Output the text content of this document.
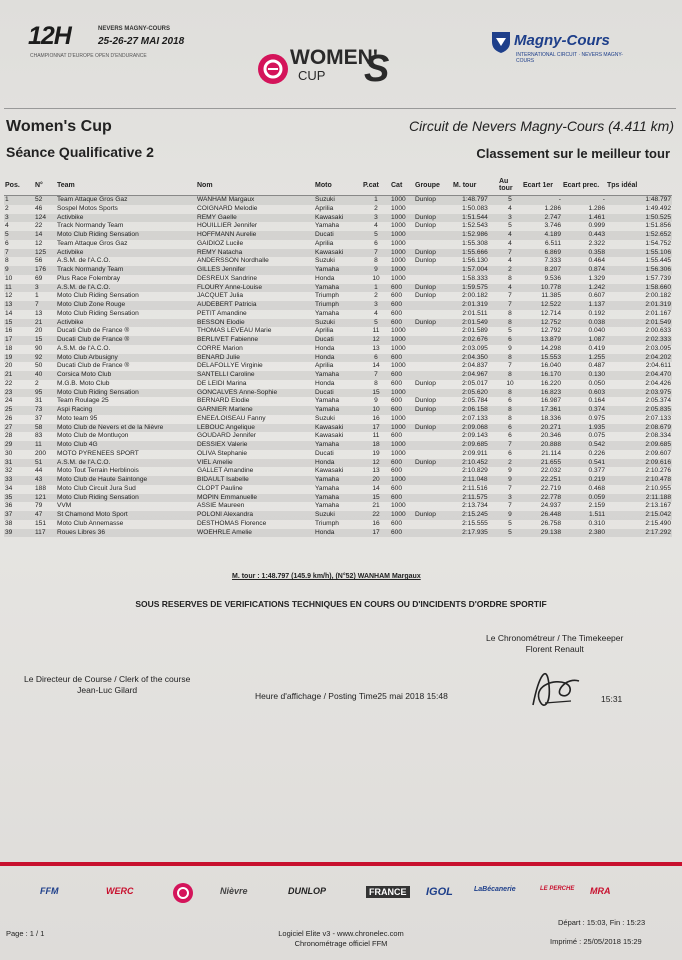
12H	NEVERS MAGNY-COURS
25-26-27 MAI 2018
CHAMPIONNAT D'EUROPE OPEN D'ENDURANCE	WOMEN'
CUP S
Magny-Cours
INTERNATIONAL CIRCUIT · NEVERS MAGNY-COURS
Women's Cup
Séance Qualificative 2
Circuit de Nevers Magny-Cours (4.411 km)
Classement sur le meilleur tour
Pos.	N°	Team	Nom	Moto	P.cat	Cat	Groupe	M. tour	Au tour	Ecart 1er	Ecart prec.	Tps idéal
1	52	Team Attaque Gros Gaz	WANHAM Margaux	Suzuki	1	1000	Dunlop	1:48.797	5	-	-	1:48.797
2	46	Sospel Motos Sports	COIGNARD Melodie	Aprilia	2	1000		1:50.083	4	1.286	1.286	1:49.492
3	124	Activbike	REMY Gaelle	Kawasaki	3	1000	Dunlop	1:51.544	3	2.747	1.461	1:50.525
4	22	Track Normandy Team	HOUILLIER Jennifer	Yamaha	4	1000	Dunlop	1:52.543	5	3.746	0.999	1:51.856
5	14	Moto Club Riding Sensation	HOFFMANN Aurelie	Ducati	5	1000		1:52.986	4	4.189	0.443	1:52.652
6	12	Team Attaque Gros Gaz	GAIDIOZ Lucile	Aprilia	6	1000		1:55.308	4	6.511	2.322	1:54.752
7	125	Activbike	REMY Natacha	Kawasaki	7	1000	Dunlop	1:55.666	7	6.869	0.358	1:55.106
8	56	A.S.M. de l'A.C.O.	ANDERSSON Nordhalle	Suzuki	8	1000	Dunlop	1:56.130	4	7.333	0.464	1:55.445
9	176	Track Normandy Team	GILLES Jennifer	Yamaha	9	1000		1:57.004	2	8.207	0.874	1:56.306
10	69	Plus Race Folembray	DESREUX Sandrine	Honda	10	1000		1:58.333	8	9.536	1.329	1:57.739
11	3	A.S.M. de l'A.C.O.	FLOURY Anne-Louise	Yamaha	1	600	Dunlop	1:59.575	4	10.778	1.242	1:58.660
12	1	Moto Club Riding Sensation	JACQUET Julia	Triumph	2	600	Dunlop	2:00.182	7	11.385	0.607	2:00.182
13	7	Moto Club Zone Rouge	AUDEBERT Patricia	Triumph	3	600		2:01.319	7	12.522	1.137	2:01.319
14	13	Moto Club Riding Sensation	PETIT Amandine	Yamaha	4	600		2:01.511	8	12.714	0.192	2:01.167
15	21	Activbike	BESSON Elodie	Suzuki	5	600	Dunlop	2:01.549	8	12.752	0.038	2:01.549
16	20	Ducati Club de France ®	THOMAS LEVEAU Marie	Aprilia	11	1000		2:01.589	5	12.792	0.040	2:00.633
17	15	Ducati Club de France ®	BERLIVET Fabienne	Ducati	12	1000		2:02.676	6	13.879	1.087	2:02.333
18	90	A.S.M. de l'A.C.O.	CORRE Marion	Honda	13	1000		2:03.095	9	14.298	0.419	2:03.095
19	92	Moto Club Arbusigny	BENARD Julie	Honda	6	600		2:04.350	8	15.553	1.255	2:04.202
20	50	Ducati Club de France ®	DELAFOLLYE Virginie	Aprilia	14	1000		2:04.837	7	16.040	0.487	2:04.611
21	40	Corsica Moto Club	SANTELLI Caroline	Yamaha	7	600		2:04.967	8	16.170	0.130	2:04.470
22	2	M.G.B. Moto Club	DE LEIDI Marina	Honda	8	600	Dunlop	2:05.017	10	16.220	0.050	2:04.426
23	95	Moto Club Riding Sensation	GONCALVES Anne-Sophie	Ducati	15	1000		2:05.620	8	16.823	0.603	2:03.975
24	31	Team Roulage 25	BERNARD Elodie	Yamaha	9	600	Dunlop	2:05.784	6	16.987	0.164	2:05.374
25	73	Aspi Racing	GARNIER Marlene	Yamaha	10	600	Dunlop	2:06.158	8	17.361	0.374	2:05.835
26	37	Moto team 95	ENEE/LOISEAU Fanny	Suzuki	16	1000		2:07.133	8	18.336	0.975	2:07.133
27	58	Moto Club de Nevers et de la Nièvre	LEBOUC Angelique	Kawasaki	17	1000	Dunlop	2:09.068	6	20.271	1.935	2:08.679
28	83	Moto Club de Montluçon	GOUDARD Jennifer	Kawasaki	11	600		2:09.143	6	20.346	0.075	2:08.334
29	11	Moto Club 4G	DESSIEX Valerie	Yamaha	18	1000		2:09.685	7	20.888	0.542	2:09.685
30	200	MOTO PYRENEES SPORT	OLIVA Stephanie	Ducati	19	1000		2:09.911	6	21.114	0.226	2:09.607
31	51	A.S.M. de l'A.C.O.	VIEL Amelie	Honda	12	600	Dunlop	2:10.452	2	21.655	0.541	2:09.616
32	44	Moto Tout Terrain Herblinois	GALLET Amandine	Kawasaki	13	600		2:10.829	9	22.032	0.377	2:10.276
33	43	Moto Club de Haute Saintonge	BIDAULT Isabelle	Yamaha	20	1000		2:11.048	9	22.251	0.219	2:10.478
34	188	Moto Club Circuit Jura Sud	CLOPT Pauline	Yamaha	14	600		2:11.516	7	22.719	0.468	2:10.955
35	121	Moto Club Riding Sensation	MOPIN Emmanuelle	Yamaha	15	600		2:11.575	3	22.778	0.059	2:11.188
36	79	VVM	ASSIE Maureen	Yamaha	21	1000		2:13.734	7	24.937	2.159	2:13.167
37	47	St Chamond Moto Sport	POLONI Alexandra	Suzuki	22	1000	Dunlop	2:15.245	9	26.448	1.511	2:15.042
38	151	Moto Club Annemasse	DESTHOMAS Florence	Triumph	16	600		2:15.555	5	26.758	0.310	2:15.490
39	117	Roues Libres 36	WOEHRLE Amelie	Honda	17	600		2:17.935	5	29.138	2.380	2:17.292
M. tour : 1:48.797 (145.9 km/h), (N°52) WANHAM Margaux
SOUS RESERVES DE VERIFICATIONS TECHNIQUES EN COURS OU D'INCIDENTS D'ORDRE SPORTIF
Le Chronométreur / The Timekeeper
Florent Renault
Le Directeur de Course / Clerk of the course
Jean-Luc Gilard
Heure d'affichage / Posting Time25 mai 2018 15:48	15:31
FFM	WERC	Nièvre	DUNLOP	FRANCE IGOL	LaBécanerie	LE PERCHE MRA
Départ : 15:03, Fin : 15:23
Page : 1 / 1	Logiciel Elite v3 - www.chronelec.com
Chronométrage officiel FFM	Imprimé : 25/05/2018 15:29
